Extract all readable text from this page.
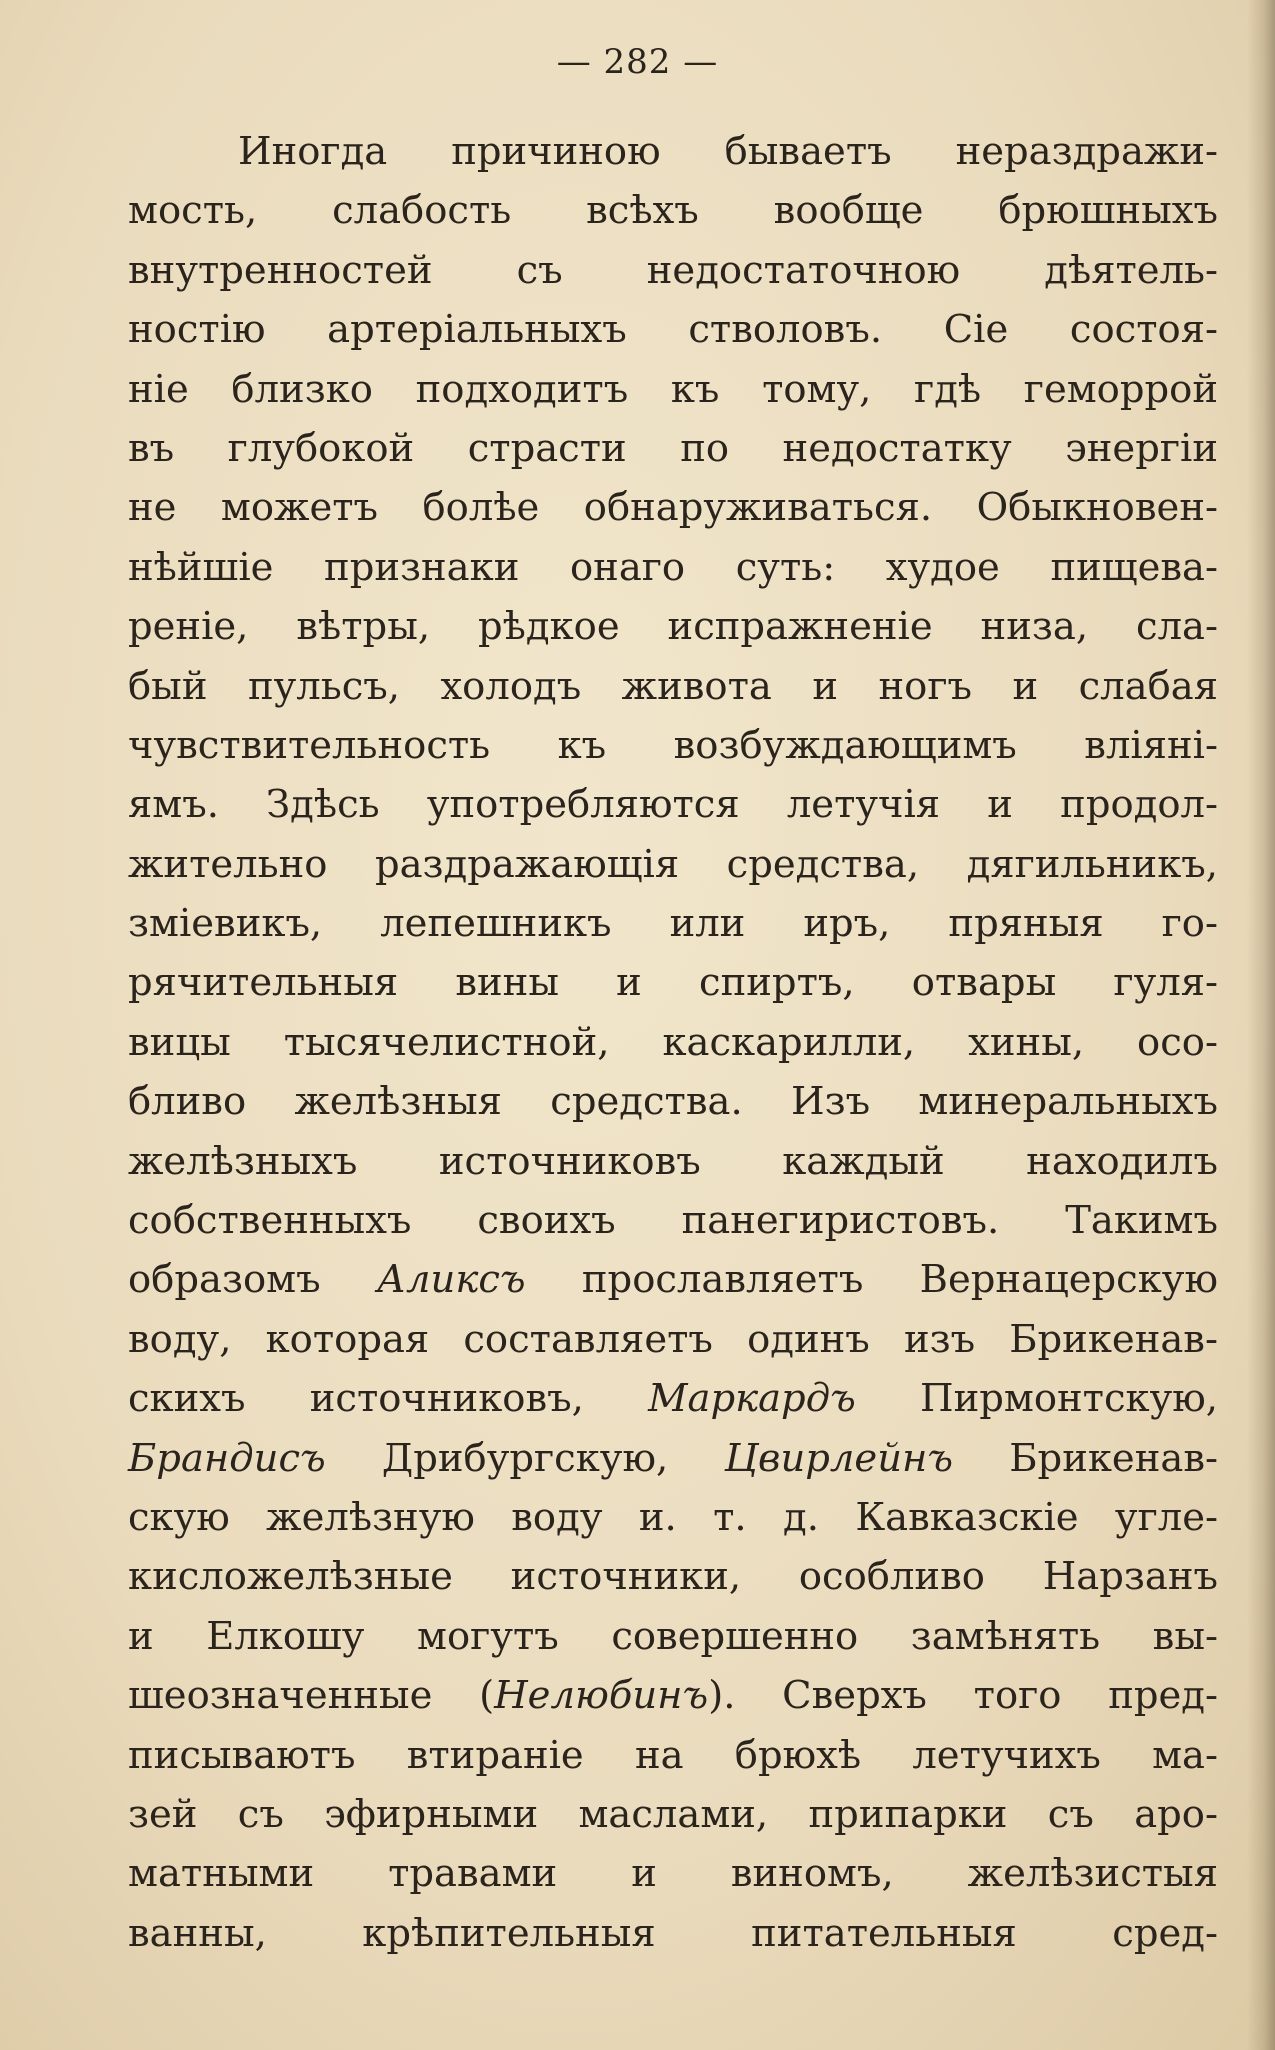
— 282 —
Иногда причиною бываетъ нераздражи-
мость, слабость всѣхъ вообще брюшныхъ
внутренностей съ недостаточною дѣятель-
ностію артеріальныхъ стволовъ. Сіе состоя-
ніе близко подходитъ къ тому, гдѣ геморрой
въ глубокой страсти по недостатку энергіи
не можетъ болѣе обнаруживаться. Обыкновен-
нѣйшіе признаки онаго суть: худое пищева-
реніе, вѣтры, рѣдкое испражненіе низа, сла-
бый пульсъ, холодъ живота и ногъ и слабая
чувствительность къ возбуждающимъ вліяні-
ямъ. Здѣсь употребляются летучія и продол-
жительно раздражающія средства, дягильникъ,
зміевикъ, лепешникъ или иръ, пряныя го-
рячительныя вины и спиртъ, отвары гуля-
вицы тысячелистной, каскарилли, хины, осо-
бливо желѣзныя средства. Изъ минеральныхъ
желѣзныхъ источниковъ каждый находилъ
собственныхъ своихъ панегиристовъ. Такимъ
образомъ Аликсъ прославляетъ Вернацерскую
воду, которая составляетъ одинъ изъ Брикенав-
скихъ источниковъ, Маркардъ Пирмонтскую,
Брандисъ Дрибургскую, Цвирлейнъ Брикенав-
скую желѣзную воду и. т. д. Кавказскіе угле-
кисложелѣзные источники, особливо Нарзанъ
и Елкошу могутъ совершенно замѣнять вы-
шеозначенные (Нелюбинъ). Сверхъ того пред-
писываютъ втираніе на брюхѣ летучихъ ма-
зей съ эфирными маслами, припарки съ аро-
матными травами и виномъ, желѣзистыя
ванны, крѣпительныя питательныя сред-
